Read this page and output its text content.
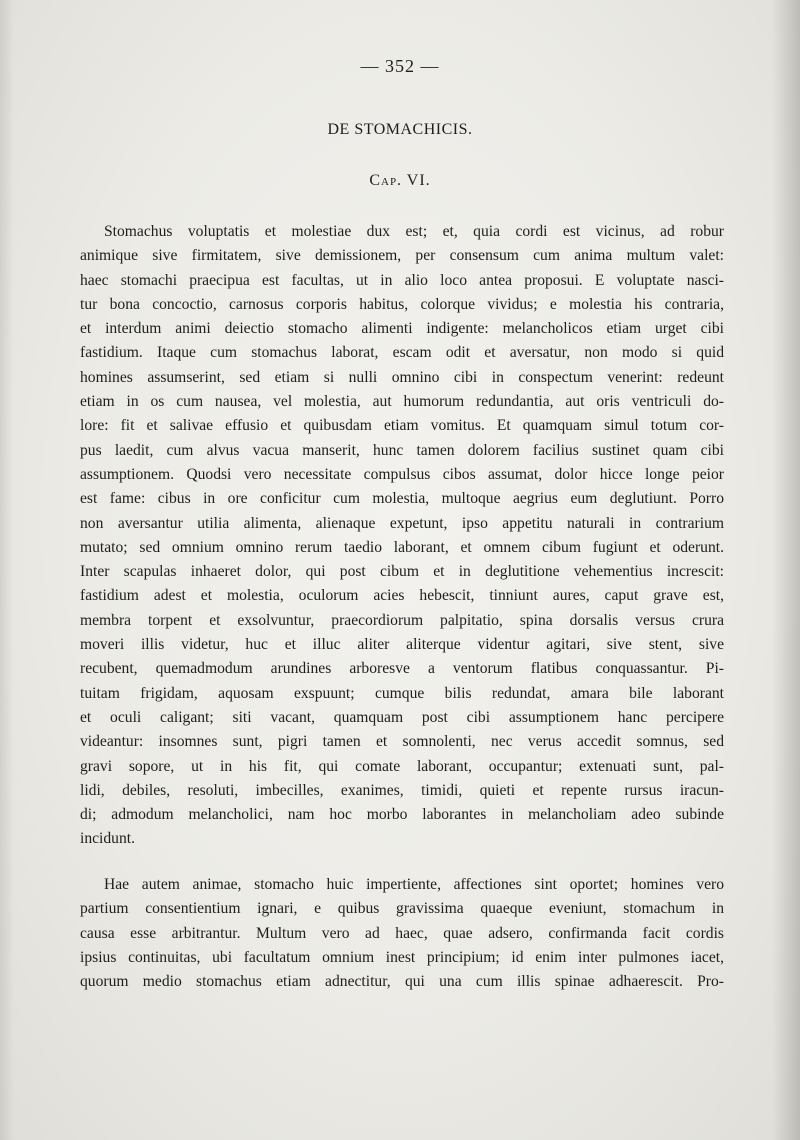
— 352 —
DE STOMACHICIS.
Cap. VI.
Stomachus voluptatis et molestiae dux est; et, quia cordi est vicinus, ad robur
animique sive firmitatem, sive demissionem, per consensum cum anima multum valet:
haec stomachi praecipua est facultas, ut in alio loco antea proposui. E voluptate nasci-
tur bona concoctio, carnosus corporis habitus, colorque vividus; e molestia his contraria,
et interdum animi deiectio stomacho alimenti indigente: melancholicos etiam urget cibi
fastidium. Itaque cum stomachus laborat, escam odit et aversatur, non modo si quid
homines assumserint, sed etiam si nulli omnino cibi in conspectum venerint: redeunt
etiam in os cum nausea, vel molestia, aut humorum redundantia, aut oris ventriculi do-
lore: fit et salivae effusio et quibusdam etiam vomitus. Et quamquam simul totum cor-
pus laedit, cum alvus vacua manserit, hunc tamen dolorem facilius sustinet quam cibi
assumptionem. Quodsi vero necessitate compulsus cibos assumat, dolor hicce longe peior
est fame: cibus in ore conficitur cum molestia, multoque aegrius eum deglutiunt. Porro
non aversantur utilia alimenta, alienaque expetunt, ipso appetitu naturali in contrarium
mutato; sed omnium omnino rerum taedio laborant, et omnem cibum fugiunt et oderunt.
Inter scapulas inhaeret dolor, qui post cibum et in deglutitione vehementius increscit:
fastidium adest et molestia, oculorum acies hebescit, tinniunt aures, caput grave est,
membra torpent et exsolvuntur, praecordiorum palpitatio, spina dorsalis versus crura
moveri illis videtur, huc et illuc aliter aliterque videntur agitari, sive stent, sive
recubent, quemadmodum arundines arboresve a ventorum flatibus conquassantur. Pi-
tuitam frigidam, aquosam exspuunt; cumque bilis redundat, amara bile laborant
et oculi caligant; siti vacant, quamquam post cibi assumptionem hanc percipere
videantur: insomnes sunt, pigri tamen et somnolenti, nec verus accedit somnus, sed
gravi sopore, ut in his fit, qui comate laborant, occupantur; extenuati sunt, pal-
lidi, debiles, resoluti, imbecilles, exanimes, timidi, quieti et repente rursus iracun-
di; admodum melancholici, nam hoc morbo laborantes in melancholiam adeo subinde
incidunt.
Hae autem animae, stomacho huic impertiente, affectiones sint oportet; homines vero
partium consentientium ignari, e quibus gravissima quaeque eveniunt, stomachum in
causa esse arbitrantur. Multum vero ad haec, quae adsero, confirmanda facit cordis
ipsius continuitas, ubi facultatum omnium inest principium; id enim inter pulmones iacet,
quorum medio stomachus etiam adnectitur, qui una cum illis spinae adhaerescit. Pro-
